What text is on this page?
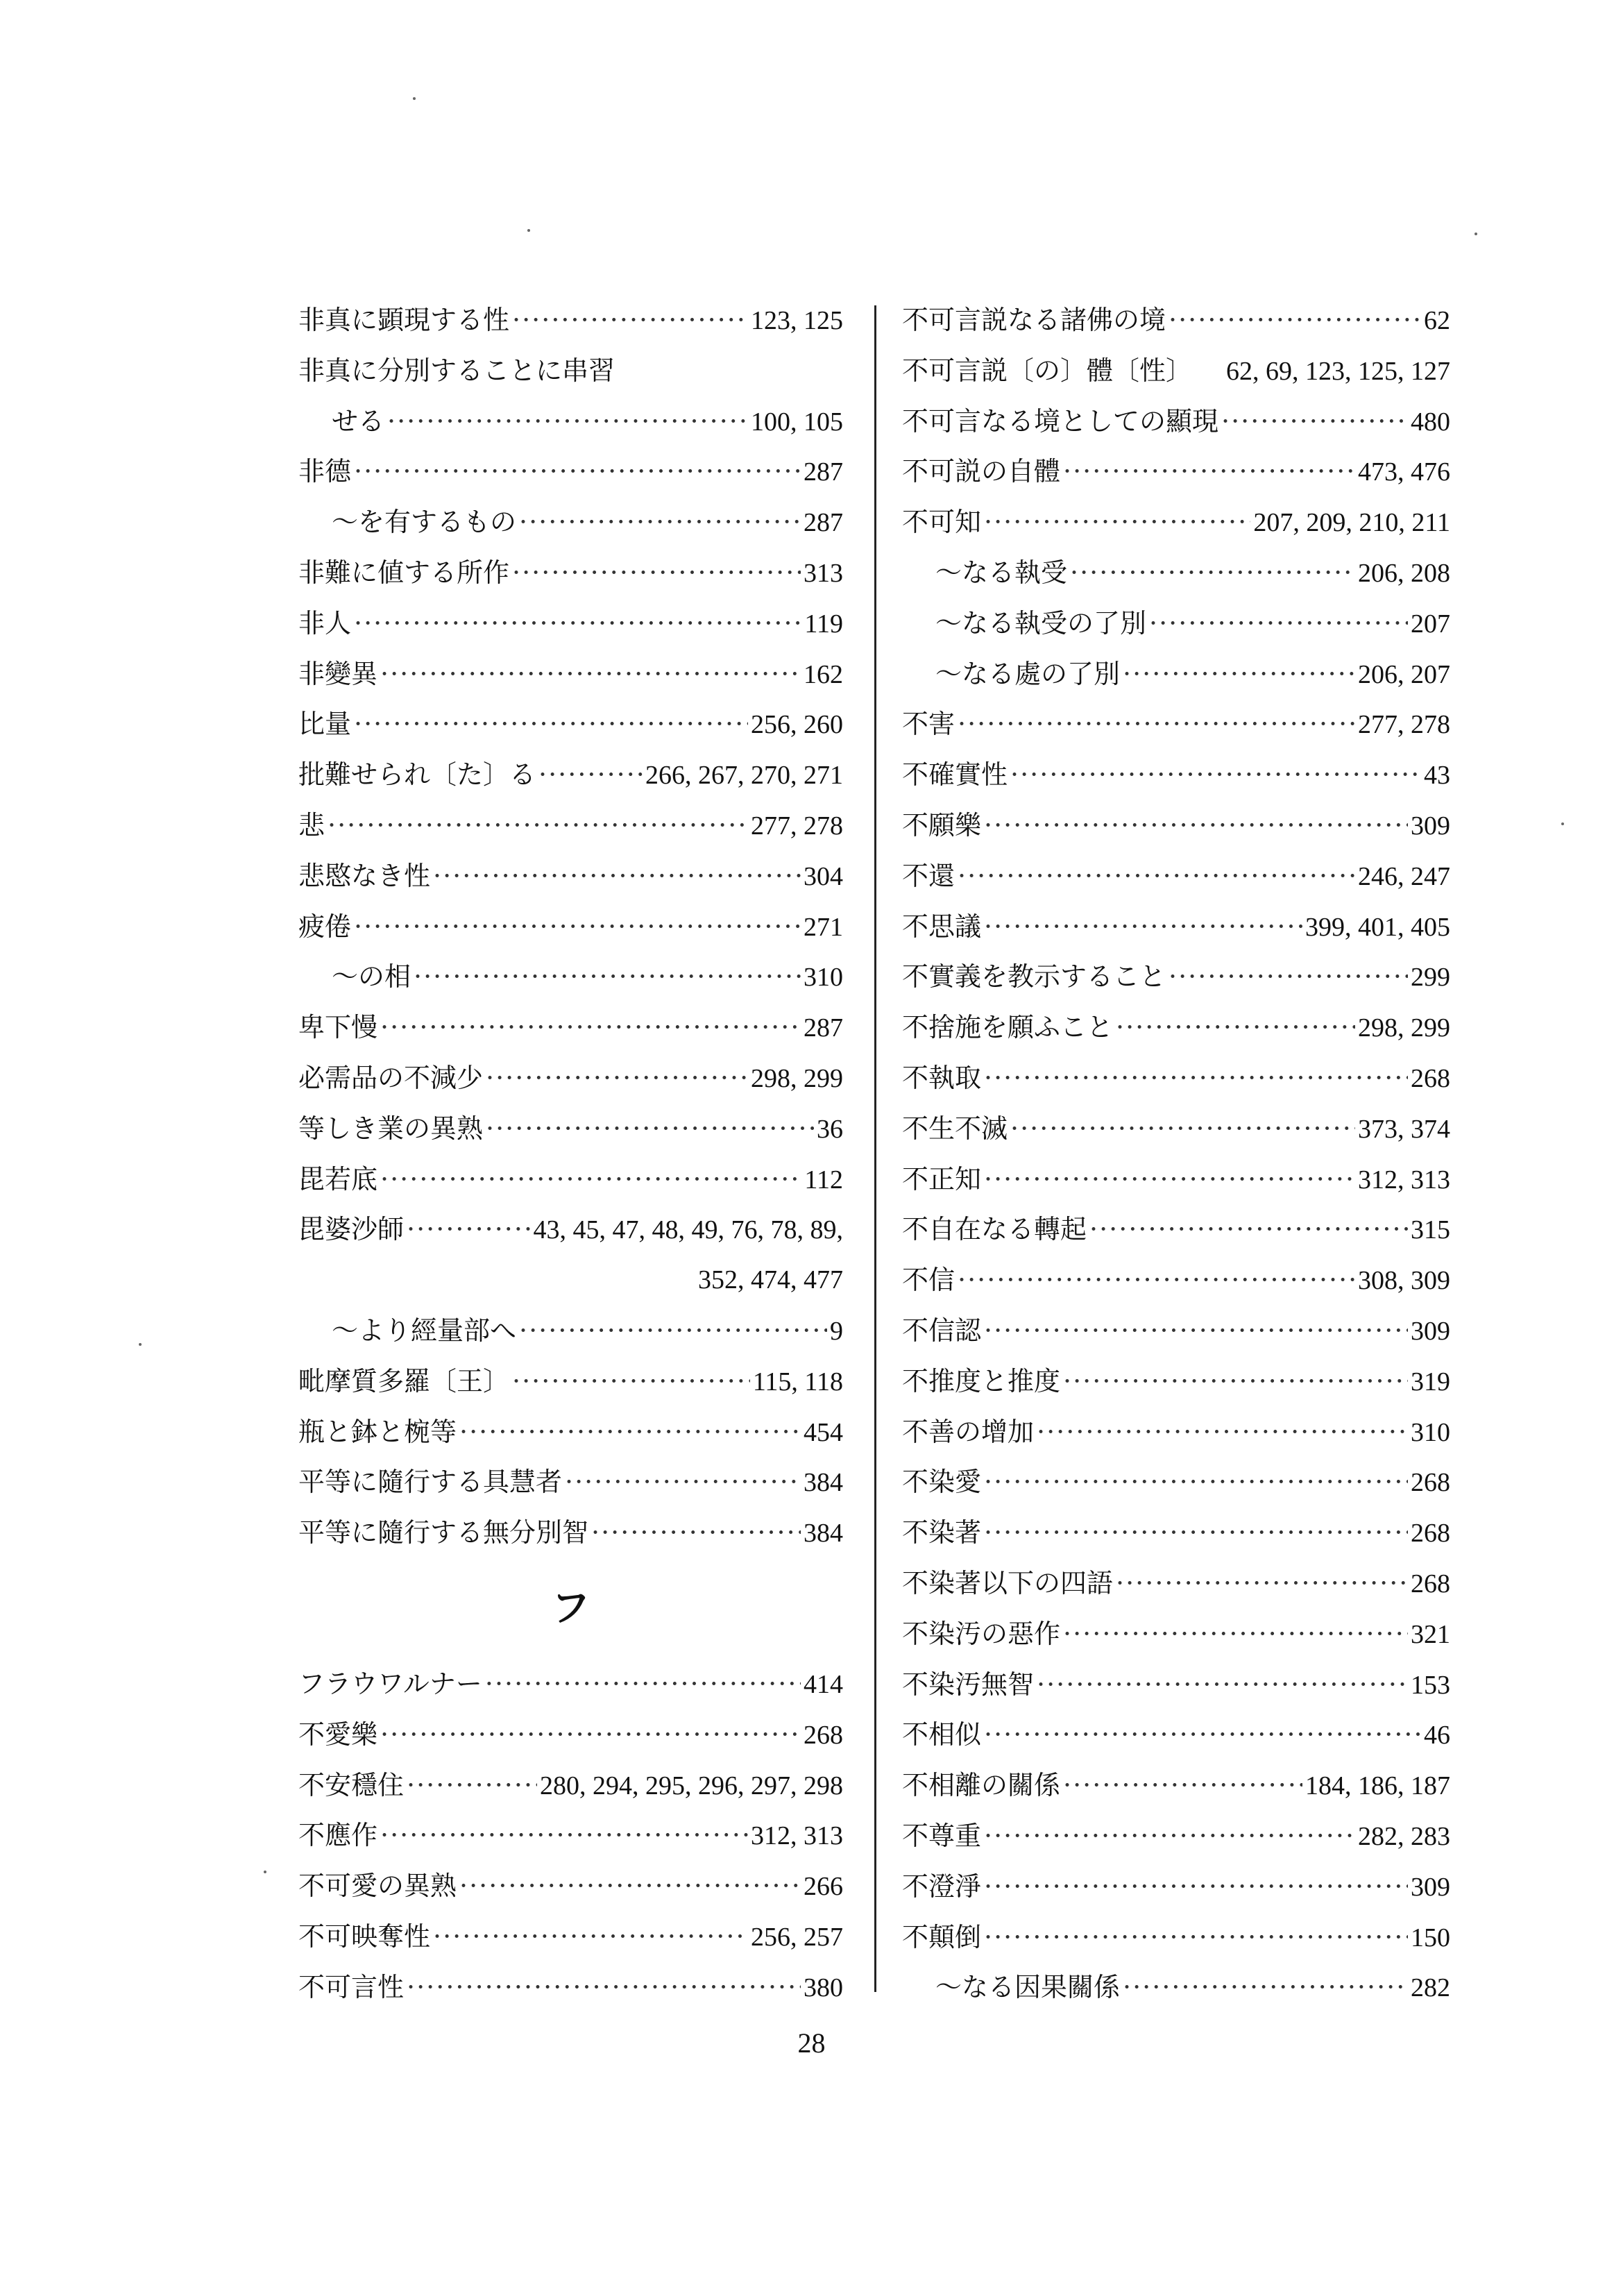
非真に顕現する性 ·····	123, 125
非真に分別することに串習
せる ·····	100, 105
非德 ·····	287
〜を有するもの ·····	287
非難に値する所作 ·····	313
非人 ·····	119
非變異 ·····	162
比量 ·····	256, 260
批難せられ〔た〕る ·····	266, 267, 270, 271
悲 ·····	277, 278
悲愍なき性 ·····	304
疲倦 ·····	271
〜の相 ·····	310
卑下慢 ·····	287
必需品の不減少 ·····	298, 299
等しき業の異熟 ·····	36
毘若底 ·····	112
毘婆沙師 ·····	43, 45, 47, 48, 49, 76, 78, 89,
352, 474, 477
〜より經量部へ ·····	9
毗摩質多羅〔王〕 ·····	115, 118
瓶と鉢と椀等 ·····	454
平等に隨行する具慧者 ·····	384
平等に隨行する無分別智 ·····	384
フ
フラウワルナー ·····	414
不愛樂 ·····	268
不安穩住 ·····	280, 294, 295, 296, 297, 298
不應作 ·····	312, 313
不可愛の異熟 ·····	266
不可映奪性 ·····	256, 257
不可言性 ·····	380
不可言説なる諸佛の境 ·····	62
不可言説〔の〕體〔性〕 62, 69, 123, 125, 127
不可言なる境としての顯現 ·····	480
不可説の自體 ·····	473, 476
不可知 ·····	207, 209, 210, 211
〜なる執受 ·····	206, 208
〜なる執受の了別 ·····	207
〜なる處の了別 ·····	206, 207
不害 ·····	277, 278
不確實性 ·····	43
不願樂 ·····	309
不還 ·····	246, 247
不思議 ·····	399, 401, 405
不實義を教示すること ·····	299
不捨施を願ふこと ·····	298, 299
不執取 ·····	268
不生不滅 ·····	373, 374
不正知 ·····	312, 313
不自在なる轉起 ·····	315
不信 ·····	308, 309
不信認 ·····	309
不推度と推度 ·····	319
不善の增加 ·····	310
不染愛 ·····	268
不染著 ·····	268
不染著以下の四語 ·····	268
不染汚の惡作 ·····	321
不染汚無智 ·····	153
不相似 ·····	46
不相離の關係 ·····	184, 186, 187
不尊重 ·····	282, 283
不澄淨 ·····	309
不顛倒 ·····	150
〜なる因果關係 ·····	282
28
